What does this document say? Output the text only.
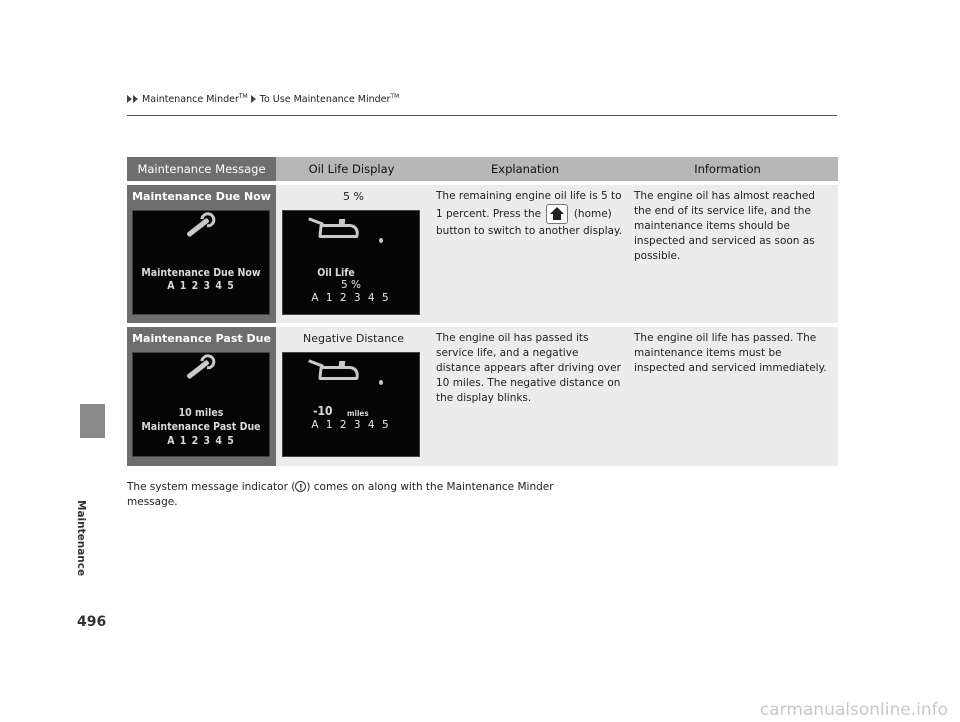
Maintenance Minder™ To Use Maintenance Minder™
Maintenance
496
Maintenance Message	Oil Life Display	Explanation	Information
Maintenance Due Now
Maintenance Due Now
A 1 2 3 4 5
5 %
Oil Life
5 %
A 1 2 3 4 5
The remaining engine oil life is 5 to 1 percent. Press the	(home) button to switch to another display.
The engine oil has almost reached the end of its service life, and the maintenance items should be inspected and serviced as soon as possible.
Maintenance Past Due
10 miles
Maintenance Past Due
A 1 2 3 4 5
Negative Distance
-10 miles
A 1 2 3 4 5
The engine oil has passed its service life, and a negative distance appears after driving over 10 miles. The negative distance on the display blinks.
The engine oil life has passed. The maintenance items must be inspected and serviced immediately.
The system message indicator (! ) comes on along with the Maintenance Minder message.
carmanualsonline.info
